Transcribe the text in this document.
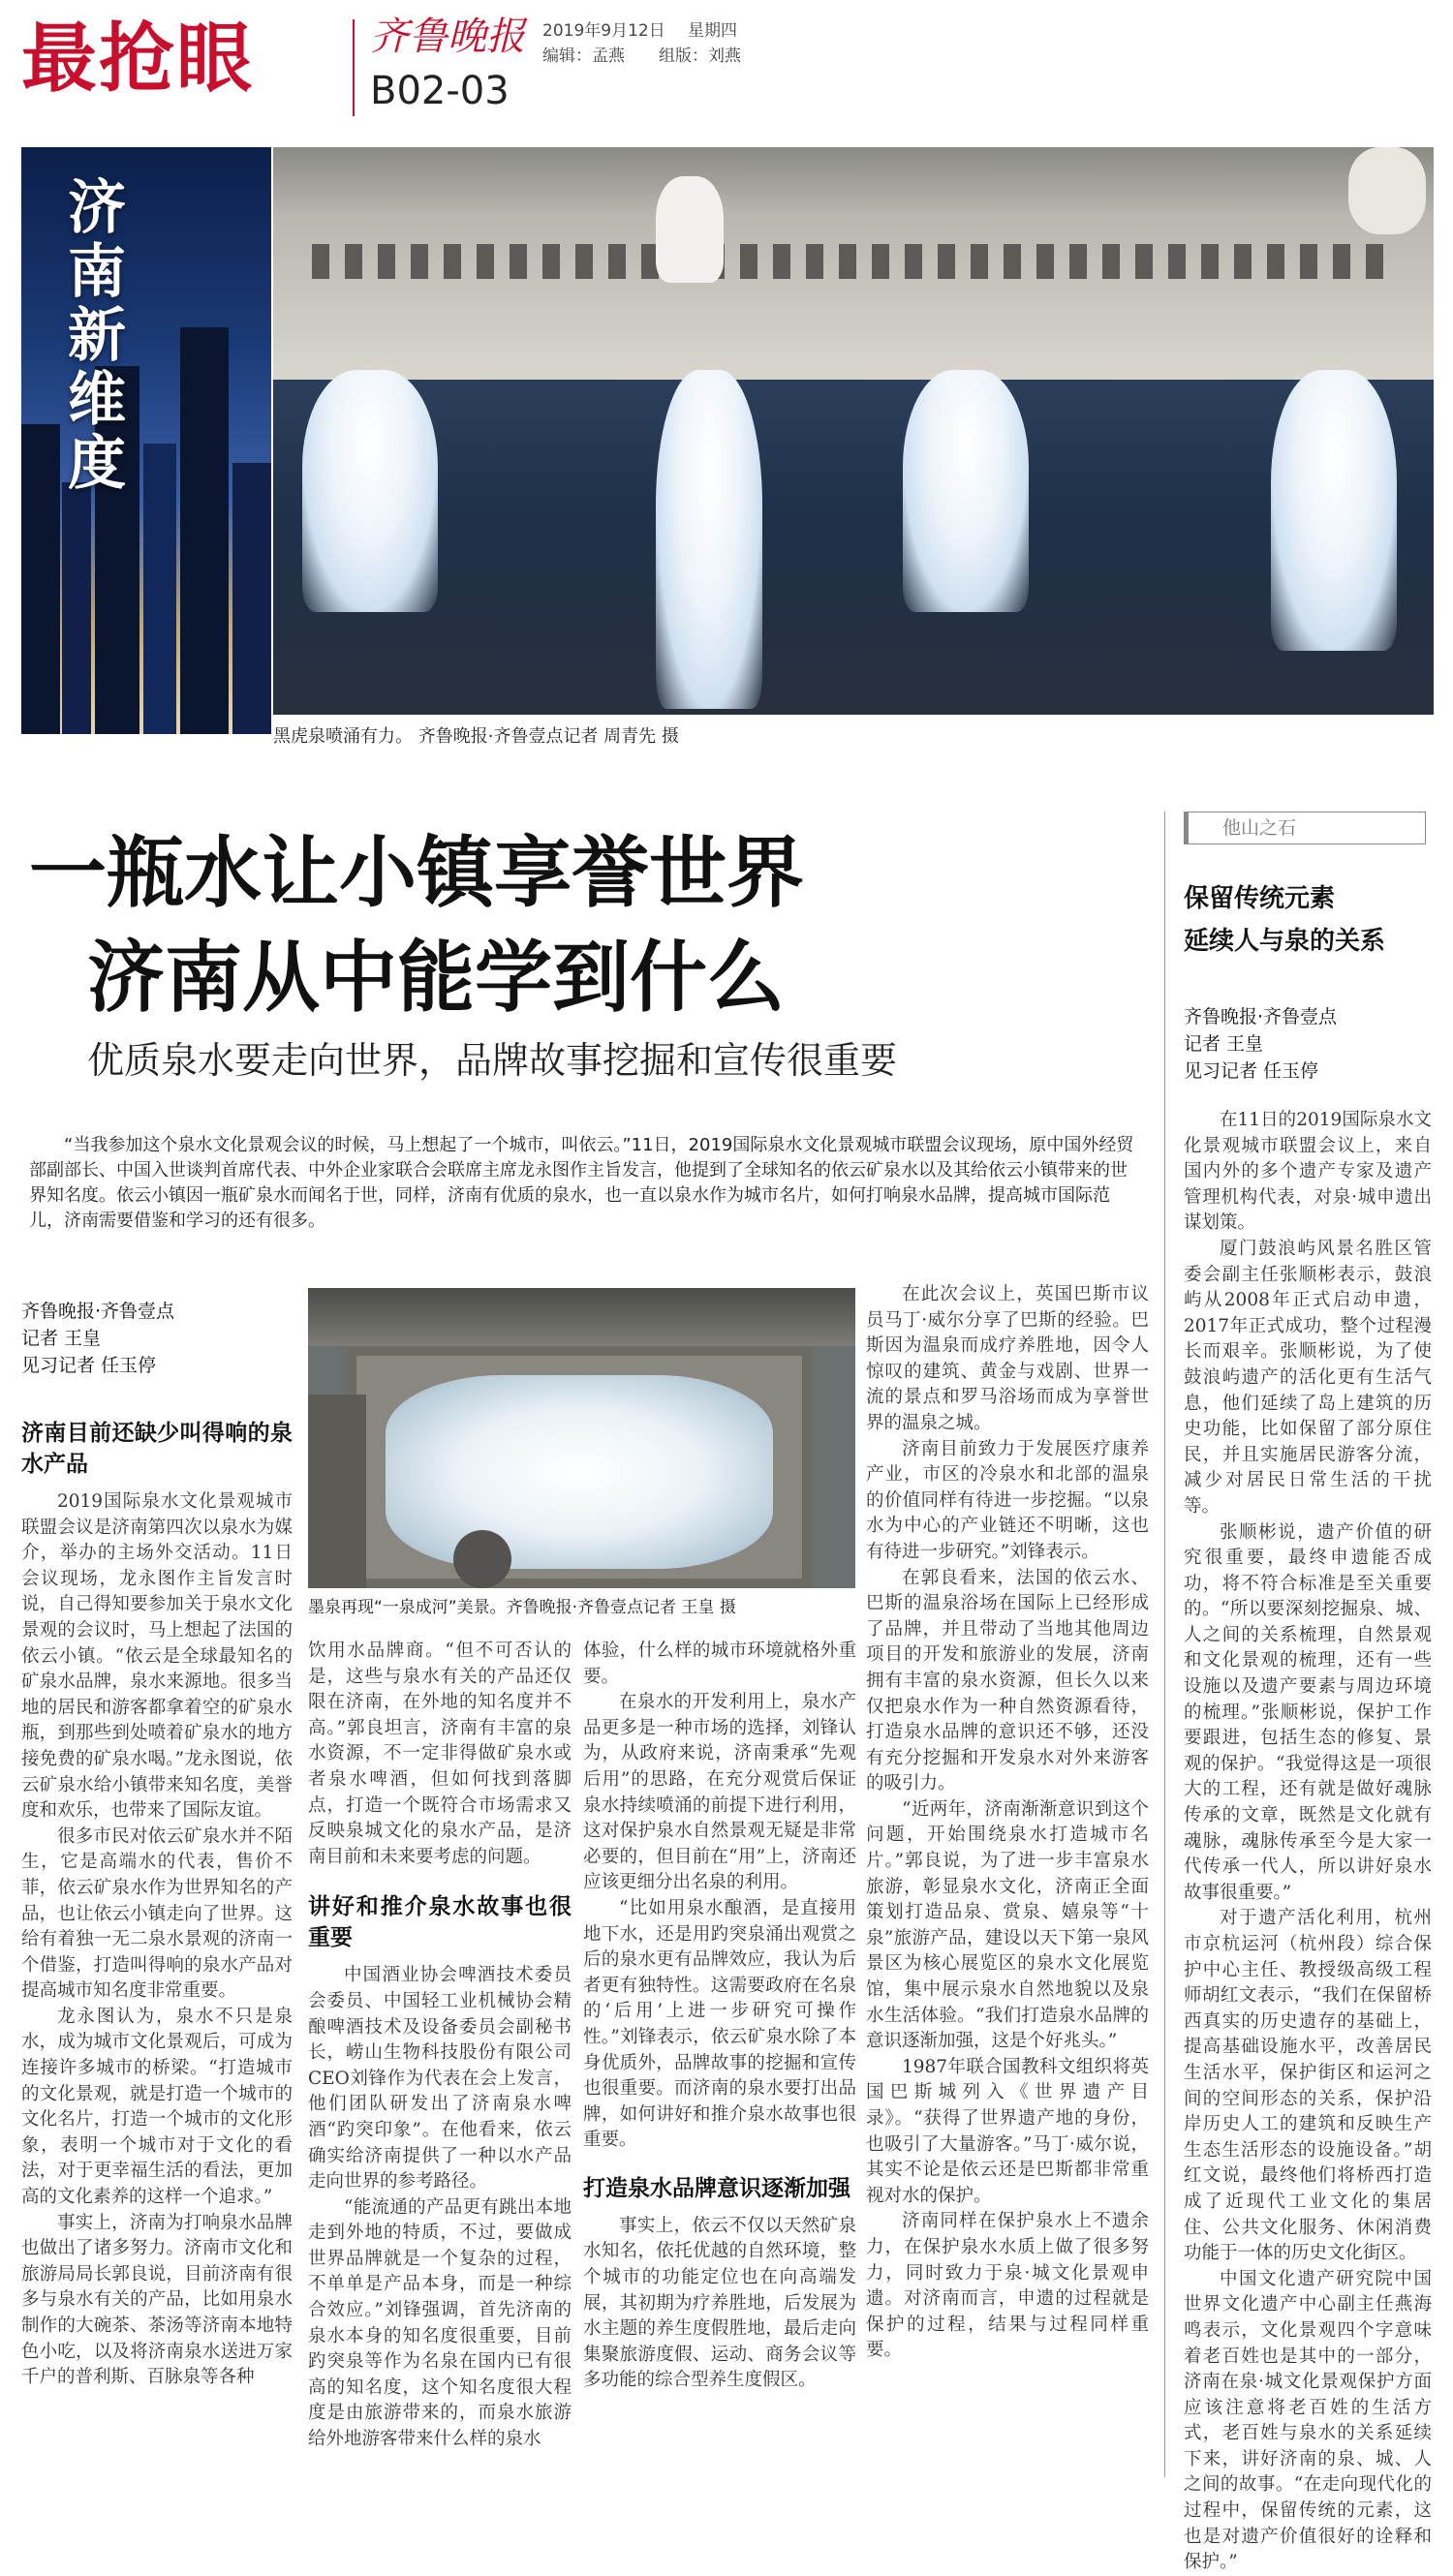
最抢眼	齐鲁晚报 2019年9月12日 星期四
编辑：孟燕 组版：刘燕
B02-03
济南新维度
黑虎泉喷涌有力。 齐鲁晚报·齐鲁壹点记者 周青先 摄
一瓶水让小镇享誉世界
济南从中能学到什么
优质泉水要走向世界，品牌故事挖掘和宣传很重要
“当我参加这个泉水文化景观会议的时候，马上想起了一个城市，叫依云。”11日，2019国际泉水文化景观城市联盟会议现场，原中国外经贸部副部长、中国入世谈判首席代表、中外企业家联合会联席主席龙永图作主旨发言，他提到了全球知名的依云矿泉水以及其给依云小镇带来的世界知名度。依云小镇因一瓶矿泉水而闻名于世，同样，济南有优质的泉水，也一直以泉水作为城市名片，如何打响泉水品牌，提高城市国际范儿，济南需要借鉴和学习的还有很多。
齐鲁晚报·齐鲁壹点
记者 王皇
见习记者 任玉停
济南目前还缺少叫得响的泉水产品

2019国际泉水文化景观城市联盟会议是济南第四次以泉水为媒介，举办的主场外交活动。11日会议现场，龙永图作主旨发言时说，自己得知要参加关于泉水文化景观的会议时，马上想起了法国的依云小镇。“依云是全球最知名的矿泉水品牌，泉水来源地。很多当地的居民和游客都拿着空的矿泉水瓶，到那些到处喷着矿泉水的地方接免费的矿泉水喝。”龙永图说，依云矿泉水给小镇带来知名度，美誉度和欢乐，也带来了国际友谊。

很多市民对依云矿泉水并不陌生，它是高端水的代表，售价不菲，依云矿泉水作为世界知名的产品，也让依云小镇走向了世界。这给有着独一无二泉水景观的济南一个借鉴，打造叫得响的泉水产品对提高城市知名度非常重要。

龙永图认为，泉水不只是泉水，成为城市文化景观后，可成为连接许多城市的桥梁。“打造城市的文化景观，就是打造一个城市的文化名片，打造一个城市的文化形象，表明一个城市对于文化的看法，对于更幸福生活的看法，更加高的文化素养的这样一个追求。”

事实上，济南为打响泉水品牌也做出了诸多努力。济南市文化和旅游局局长郭良说，目前济南有很多与泉水有关的产品，比如用泉水制作的大碗茶、茶汤等济南本地特色小吃，以及将济南泉水送进万家千户的普利斯、百脉泉等各种

墨泉再现“一泉成河”美景。齐鲁晚报·齐鲁壹点记者 王皇 摄

饮用水品牌商。“但不可否认的是，这些与泉水有关的产品还仅限在济南，在外地的知名度并不高。”郭良坦言，济南有丰富的泉水资源，不一定非得做矿泉水或者泉水啤酒，但如何找到落脚点，打造一个既符合市场需求又反映泉城文化的泉水产品，是济南目前和未来要考虑的问题。

讲好和推介泉水故事也很重要

中国酒业协会啤酒技术委员会委员、中国轻工业机械协会精酿啤酒技术及设备委员会副秘书长，崂山生物科技股份有限公司CEO刘锋作为代表在会上发言，他们团队研发出了济南泉水啤酒“趵突印象”。在他看来，依云确实给济南提供了一种以水产品走向世界的参考路径。

“能流通的产品更有跳出本地走到外地的特质，不过，要做成世界品牌就是一个复杂的过程，不单单是产品本身，而是一种综合效应。”刘锋强调，首先济南的泉水本身的知名度很重要，目前趵突泉等作为名泉在国内已有很高的知名度，这个知名度很大程度是由旅游带来的，而泉水旅游给外地游客带来什么样的泉水

体验，什么样的城市环境就格外重要。

在泉水的开发利用上，泉水产品更多是一种市场的选择，刘锋认为，从政府来说，济南秉承“先观后用”的思路，在充分观赏后保证泉水持续喷涌的前提下进行利用，这对保护泉水自然景观无疑是非常必要的，但目前在“用”上，济南还应该更细分出名泉的利用。

“比如用泉水酿酒，是直接用地下水，还是用趵突泉涌出观赏之后的泉水更有品牌效应，我认为后者更有独特性。这需要政府在名泉的‘后用’上进一步研究可操作性。”刘锋表示，依云矿泉水除了本身优质外，品牌故事的挖掘和宣传也很重要。而济南的泉水要打出品牌，如何讲好和推介泉水故事也很重要。

打造泉水品牌意识逐渐加强

事实上，依云不仅以天然矿泉水知名，依托优越的自然环境，整个城市的功能定位也在向高端发展，其初期为疗养胜地，后发展为水主题的养生度假胜地，最后走向集聚旅游度假、运动、商务会议等多功能的综合型养生度假区。

在此次会议上，英国巴斯市议员马丁·威尔分享了巴斯的经验。巴斯因为温泉而成疗养胜地，因令人惊叹的建筑、黄金与戏剧、世界一流的景点和罗马浴场而成为享誉世界的温泉之城。

济南目前致力于发展医疗康养产业，市区的冷泉水和北部的温泉的价值同样有待进一步挖掘。“以泉水为中心的产业链还不明晰，这也有待进一步研究。”刘锋表示。

在郭良看来，法国的依云水、巴斯的温泉浴场在国际上已经形成了品牌，并且带动了当地其他周边项目的开发和旅游业的发展，济南拥有丰富的泉水资源，但长久以来仅把泉水作为一种自然资源看待，打造泉水品牌的意识还不够，还没有充分挖掘和开发泉水对外来游客的吸引力。

“近两年，济南渐渐意识到这个问题，开始围绕泉水打造城市名片。”郭良说，为了进一步丰富泉水旅游，彰显泉水文化，济南正全面策划打造品泉、赏泉、嬉泉等“十泉”旅游产品，建设以天下第一泉风景区为核心展览区的泉水文化展览馆，集中展示泉水自然地貌以及泉水生活体验。“我们打造泉水品牌的意识逐渐加强，这是个好兆头。”

1987年联合国教科文组织将英国巴斯城列入《世界遗产目录》。“获得了世界遗产地的身份，也吸引了大量游客。”马丁·威尔说，其实不论是依云还是巴斯都非常重视对水的保护。

济南同样在保护泉水上不遗余力，在保护泉水水质上做了很多努力，同时致力于泉·城文化景观申遗。对济南而言，申遗的过程就是保护的过程，结果与过程同样重要。

他山之石
保留传统元素
延续人与泉的关系
齐鲁晚报·齐鲁壹点
记者 王皇
见习记者 任玉停

在11日的2019国际泉水文化景观城市联盟会议上，来自国内外的多个遗产专家及遗产管理机构代表，对泉·城申遗出谋划策。

厦门鼓浪屿风景名胜区管委会副主任张顺彬表示，鼓浪屿从2008年正式启动申遗，2017年正式成功，整个过程漫长而艰辛。张顺彬说，为了使鼓浪屿遗产的活化更有生活气息，他们延续了岛上建筑的历史功能，比如保留了部分原住民，并且实施居民游客分流，减少对居民日常生活的干扰等。

张顺彬说，遗产价值的研究很重要，最终申遗能否成功，将不符合标准是至关重要的。“所以要深刻挖掘泉、城、人之间的关系梳理，自然景观和文化景观的梳理，还有一些设施以及遗产要素与周边环境的梳理。”张顺彬说，保护工作要跟进，包括生态的修复、景观的保护。“我觉得这是一项很大的工程，还有就是做好魂脉传承的文章，既然是文化就有魂脉，魂脉传承至今是大家一代传承一代人，所以讲好泉水故事很重要。”

对于遗产活化利用，杭州市京杭运河（杭州段）综合保护中心主任、教授级高级工程师胡红文表示，“我们在保留桥西真实的历史遗存的基础上，提高基础设施水平，改善居民生活水平，保护街区和运河之间的空间形态的关系，保护沿岸历史人工的建筑和反映生产生态生活形态的设施设备。”胡红文说，最终他们将桥西打造成了近现代工业文化的集居住、公共文化服务、休闲消费功能于一体的历史文化街区。

中国文化遗产研究院中国世界文化遗产中心副主任燕海鸣表示，文化景观四个字意味着老百姓也是其中的一部分，济南在泉·城文化景观保护方面应该注意将老百姓的生活方式，老百姓与泉水的关系延续下来，讲好济南的泉、城、人之间的故事。“在走向现代化的过程中，保留传统的元素，这也是对遗产价值很好的诠释和保护。”
